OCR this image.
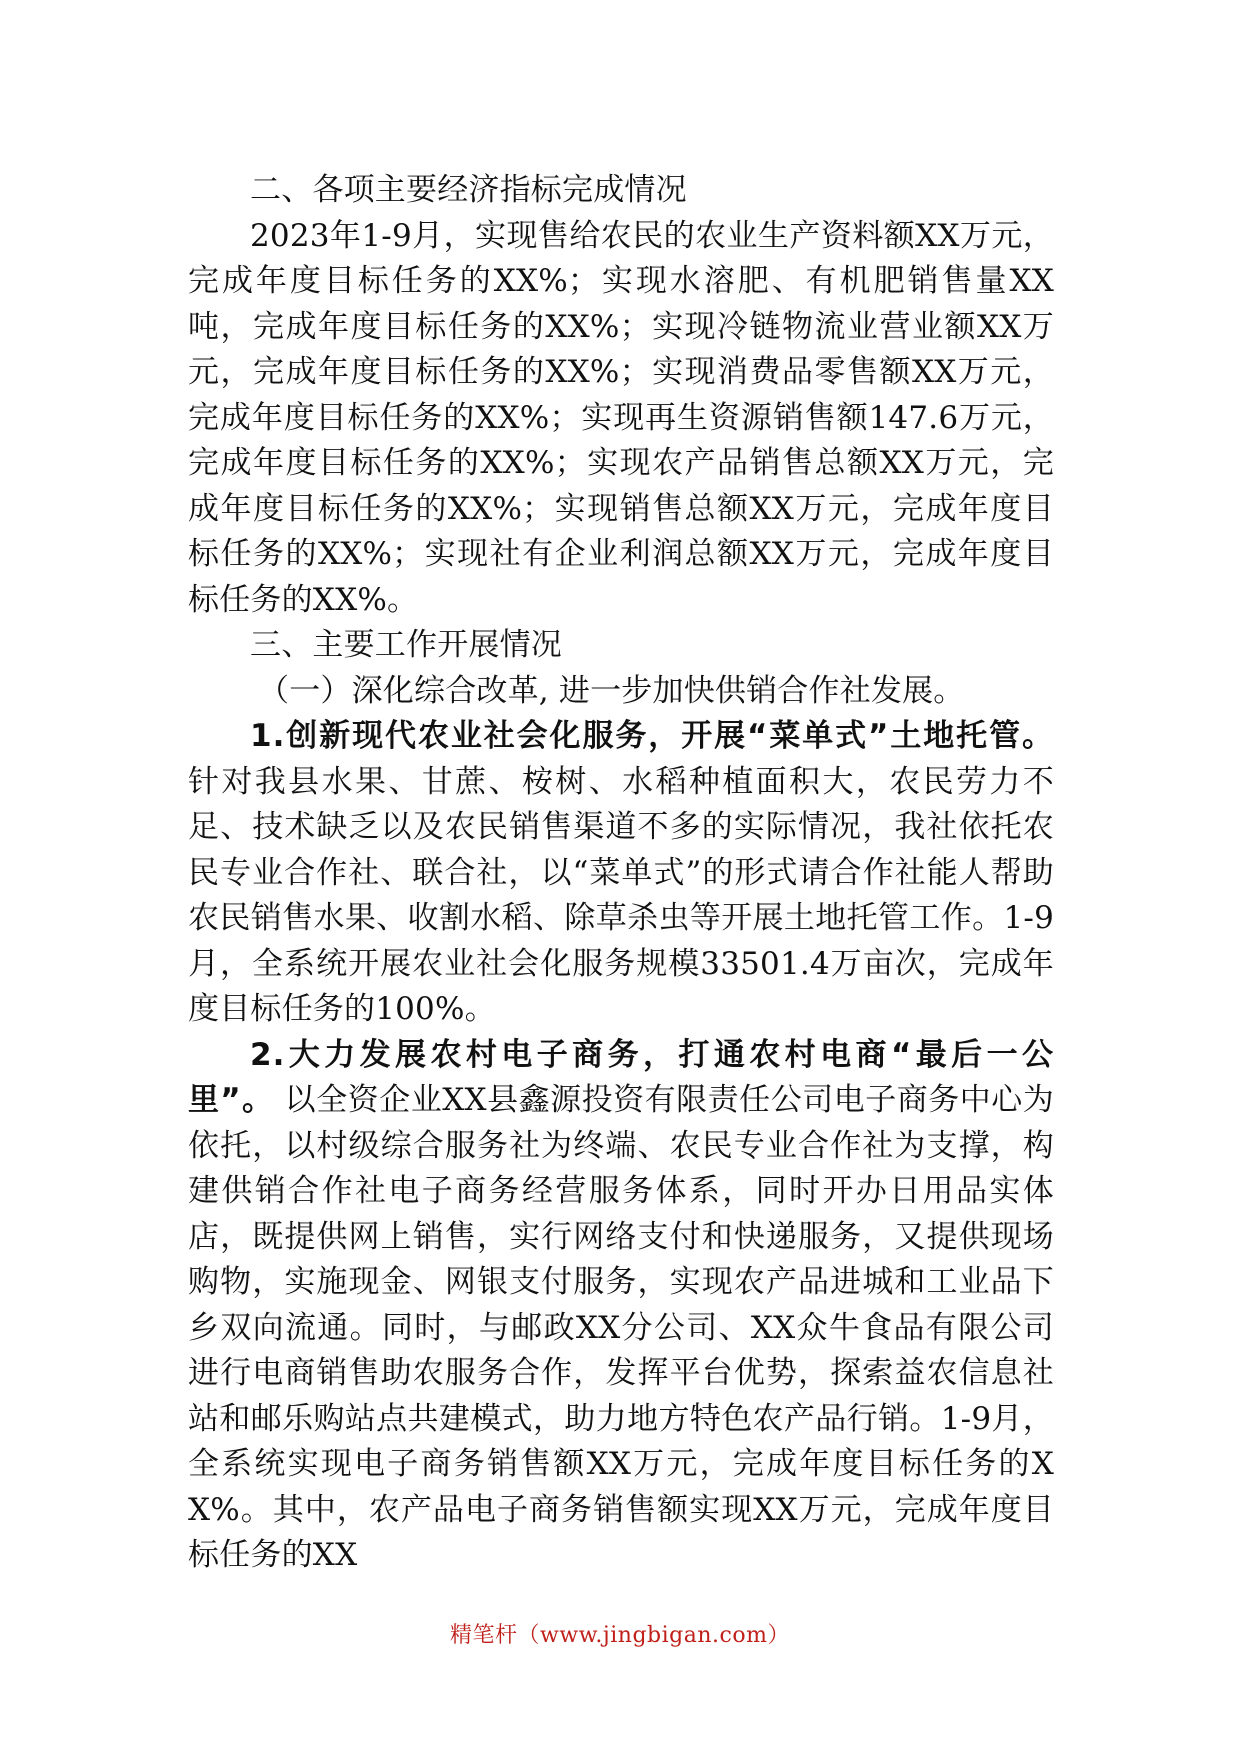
二、各项主要经济指标完成情况

2023年1-9月，实现售给农民的农业生产资料额XX万元，完成年度目标任务的XX%；实现水溶肥、有机肥销售量XX吨，完成年度目标任务的XX%；实现冷链物流业营业额XX万元，完成年度目标任务的XX%；实现消费品零售额XX万元，完成年度目标任务的XX%；实现再生资源销售额147.6万元，完成年度目标任务的XX%；实现农产品销售总额XX万元，完成年度目标任务的XX%；实现销售总额XX万元，完成年度目标任务的XX%；实现社有企业利润总额XX万元，完成年度目标任务的XX%。

三、主要工作开展情况

（一）深化综合改革, 进一步加快供销合作社发展。

1.创新现代农业社会化服务，开展“菜单式”土地托管。针对我县水果、甘蔗、桉树、水稻种植面积大，农民劳力不足、技术缺乏以及农民销售渠道不多的实际情况，我社依托农民专业合作社、联合社，以“菜单式”的形式请合作社能人帮助农民销售水果、收割水稻、除草杀虫等开展土地托管工作。1-9月，全系统开展农业社会化服务规模33501.4万亩次，完成年度目标任务的100%。

2.大力发展农村电子商务，打通农村电商“最后一公里”。 以全资企业XX县鑫源投资有限责任公司电子商务中心为依托，以村级综合服务社为终端、农民专业合作社为支撑，构建供销合作社电子商务经营服务体系，同时开办日用品实体店，既提供网上销售，实行网络支付和快递服务，又提供现场购物，实施现金、网银支付服务，实现农产品进城和工业品下乡双向流通。同时，与邮政XX分公司、XX众牛食品有限公司进行电商销售助农服务合作，发挥平台优势，探索益农信息社站和邮乐购站点共建模式，助力地方特色农产品行销。1-9月，全系统实现电子商务销售额XX万元，完成年度目标任务的XX%。其中，农产品电子商务销售额实现XX万元，完成年度目标任务的XX

精笔杆（www.jingbigan.com）
